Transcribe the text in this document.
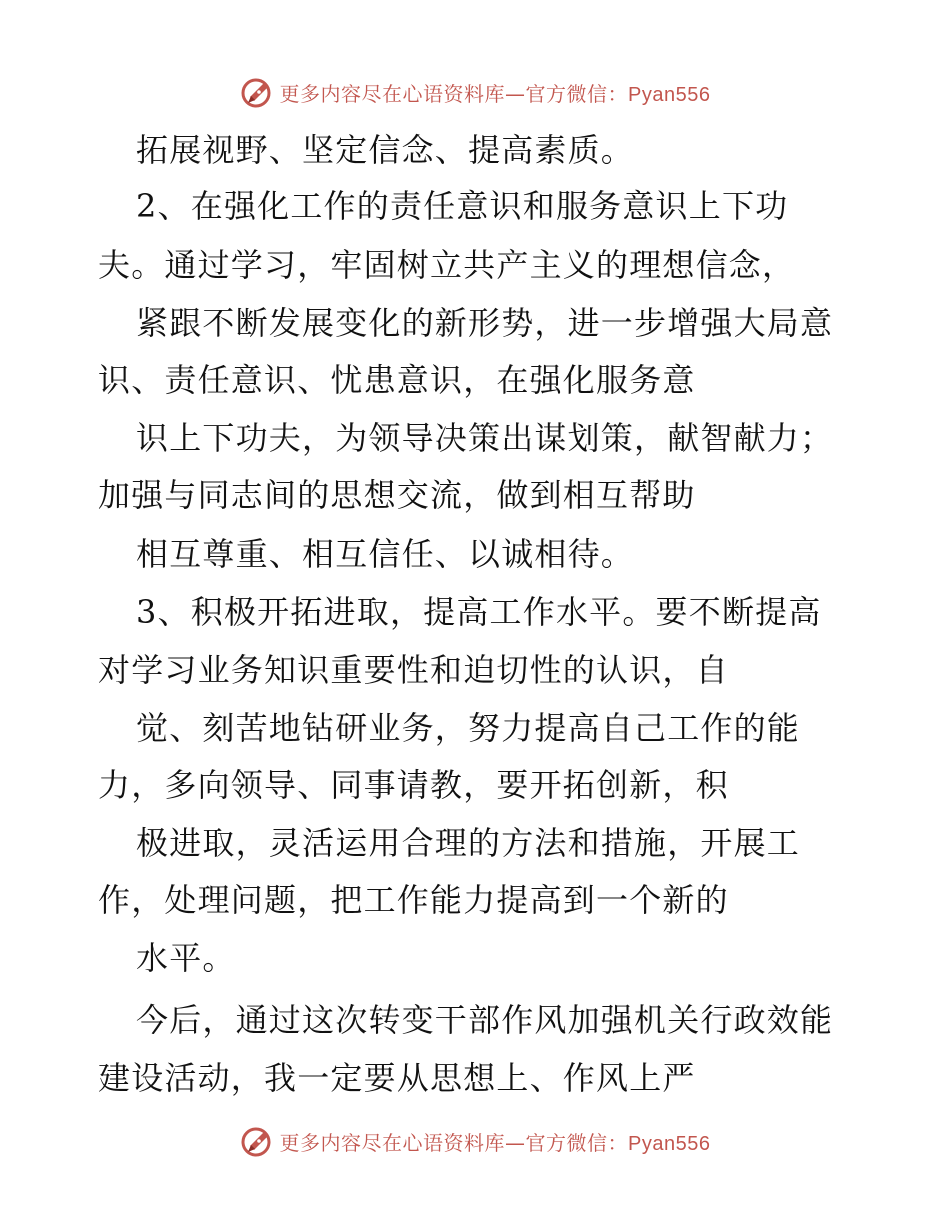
更多内容尽在心语资料库—官方微信：Pyan556
拓展视野、坚定信念、提高素质。
2、在强化工作的责任意识和服务意识上下功
夫。通过学习，牢固树立共产主义的理想信念，
紧跟不断发展变化的新形势，进一步增强大局意
识、责任意识、忧患意识，在强化服务意
识上下功夫，为领导决策出谋划策，献智献力；
加强与同志间的思想交流，做到相互帮助
相互尊重、相互信任、以诚相待。
3、积极开拓进取，提高工作水平。要不断提高
对学习业务知识重要性和迫切性的认识，自
觉、刻苦地钻研业务，努力提高自己工作的能
力，多向领导、同事请教，要开拓创新，积
极进取，灵活运用合理的方法和措施，开展工
作，处理问题，把工作能力提高到一个新的
水平。
今后，通过这次转变干部作风加强机关行政效能
建设活动，我一定要从思想上、作风上严
更多内容尽在心语资料库—官方微信：Pyan556
